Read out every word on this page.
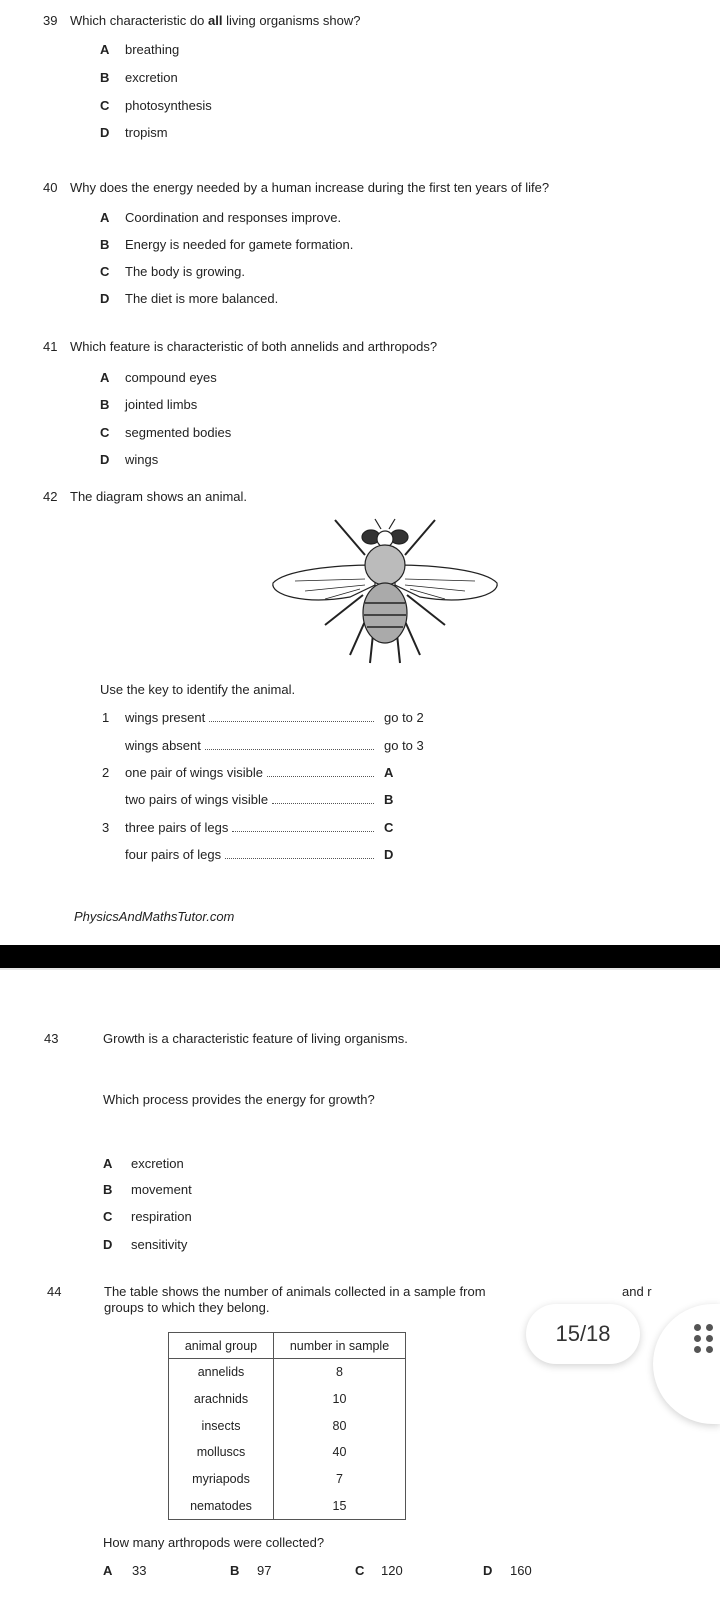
39 Which characteristic do all living organisms show?
40 Why does the energy needed by a human increase during the first ten years of life?
41 Which feature is characteristic of both annelids and arthropods?
42 The diagram shows an animal.
Use the key to identify the animal.
PhysicsAndMathsTutor.com
43	Growth is a characteristic feature of living organisms.
Which process provides the energy for growth?
44	The table shows the number of animals collected in a sample from	and r
groups to which they belong.
animal group	number in sample
annelids	8
arachnids	10
insects	80
molluscs	40
myriapods	7
nematodes	15
How many arthropods were collected?
15/18
A breathing
B excretion
C photosynthesis
D tropism
A Coordination and responses improve.
B Energy is needed for gamete formation.
C The body is growing.
D The diet is more balanced.
A compound eyes
B jointed limbs
C segmented bodies
D wings
A excretion
B movement
C respiration
D sensitivity
A 33	B 97	C 120	D 160
1	wings present	go to 2
wings absent	go to 3
2	one pair of wings visible	A
two pairs of wings visible	B
3	three pairs of legs	C
four pairs of legs	D
